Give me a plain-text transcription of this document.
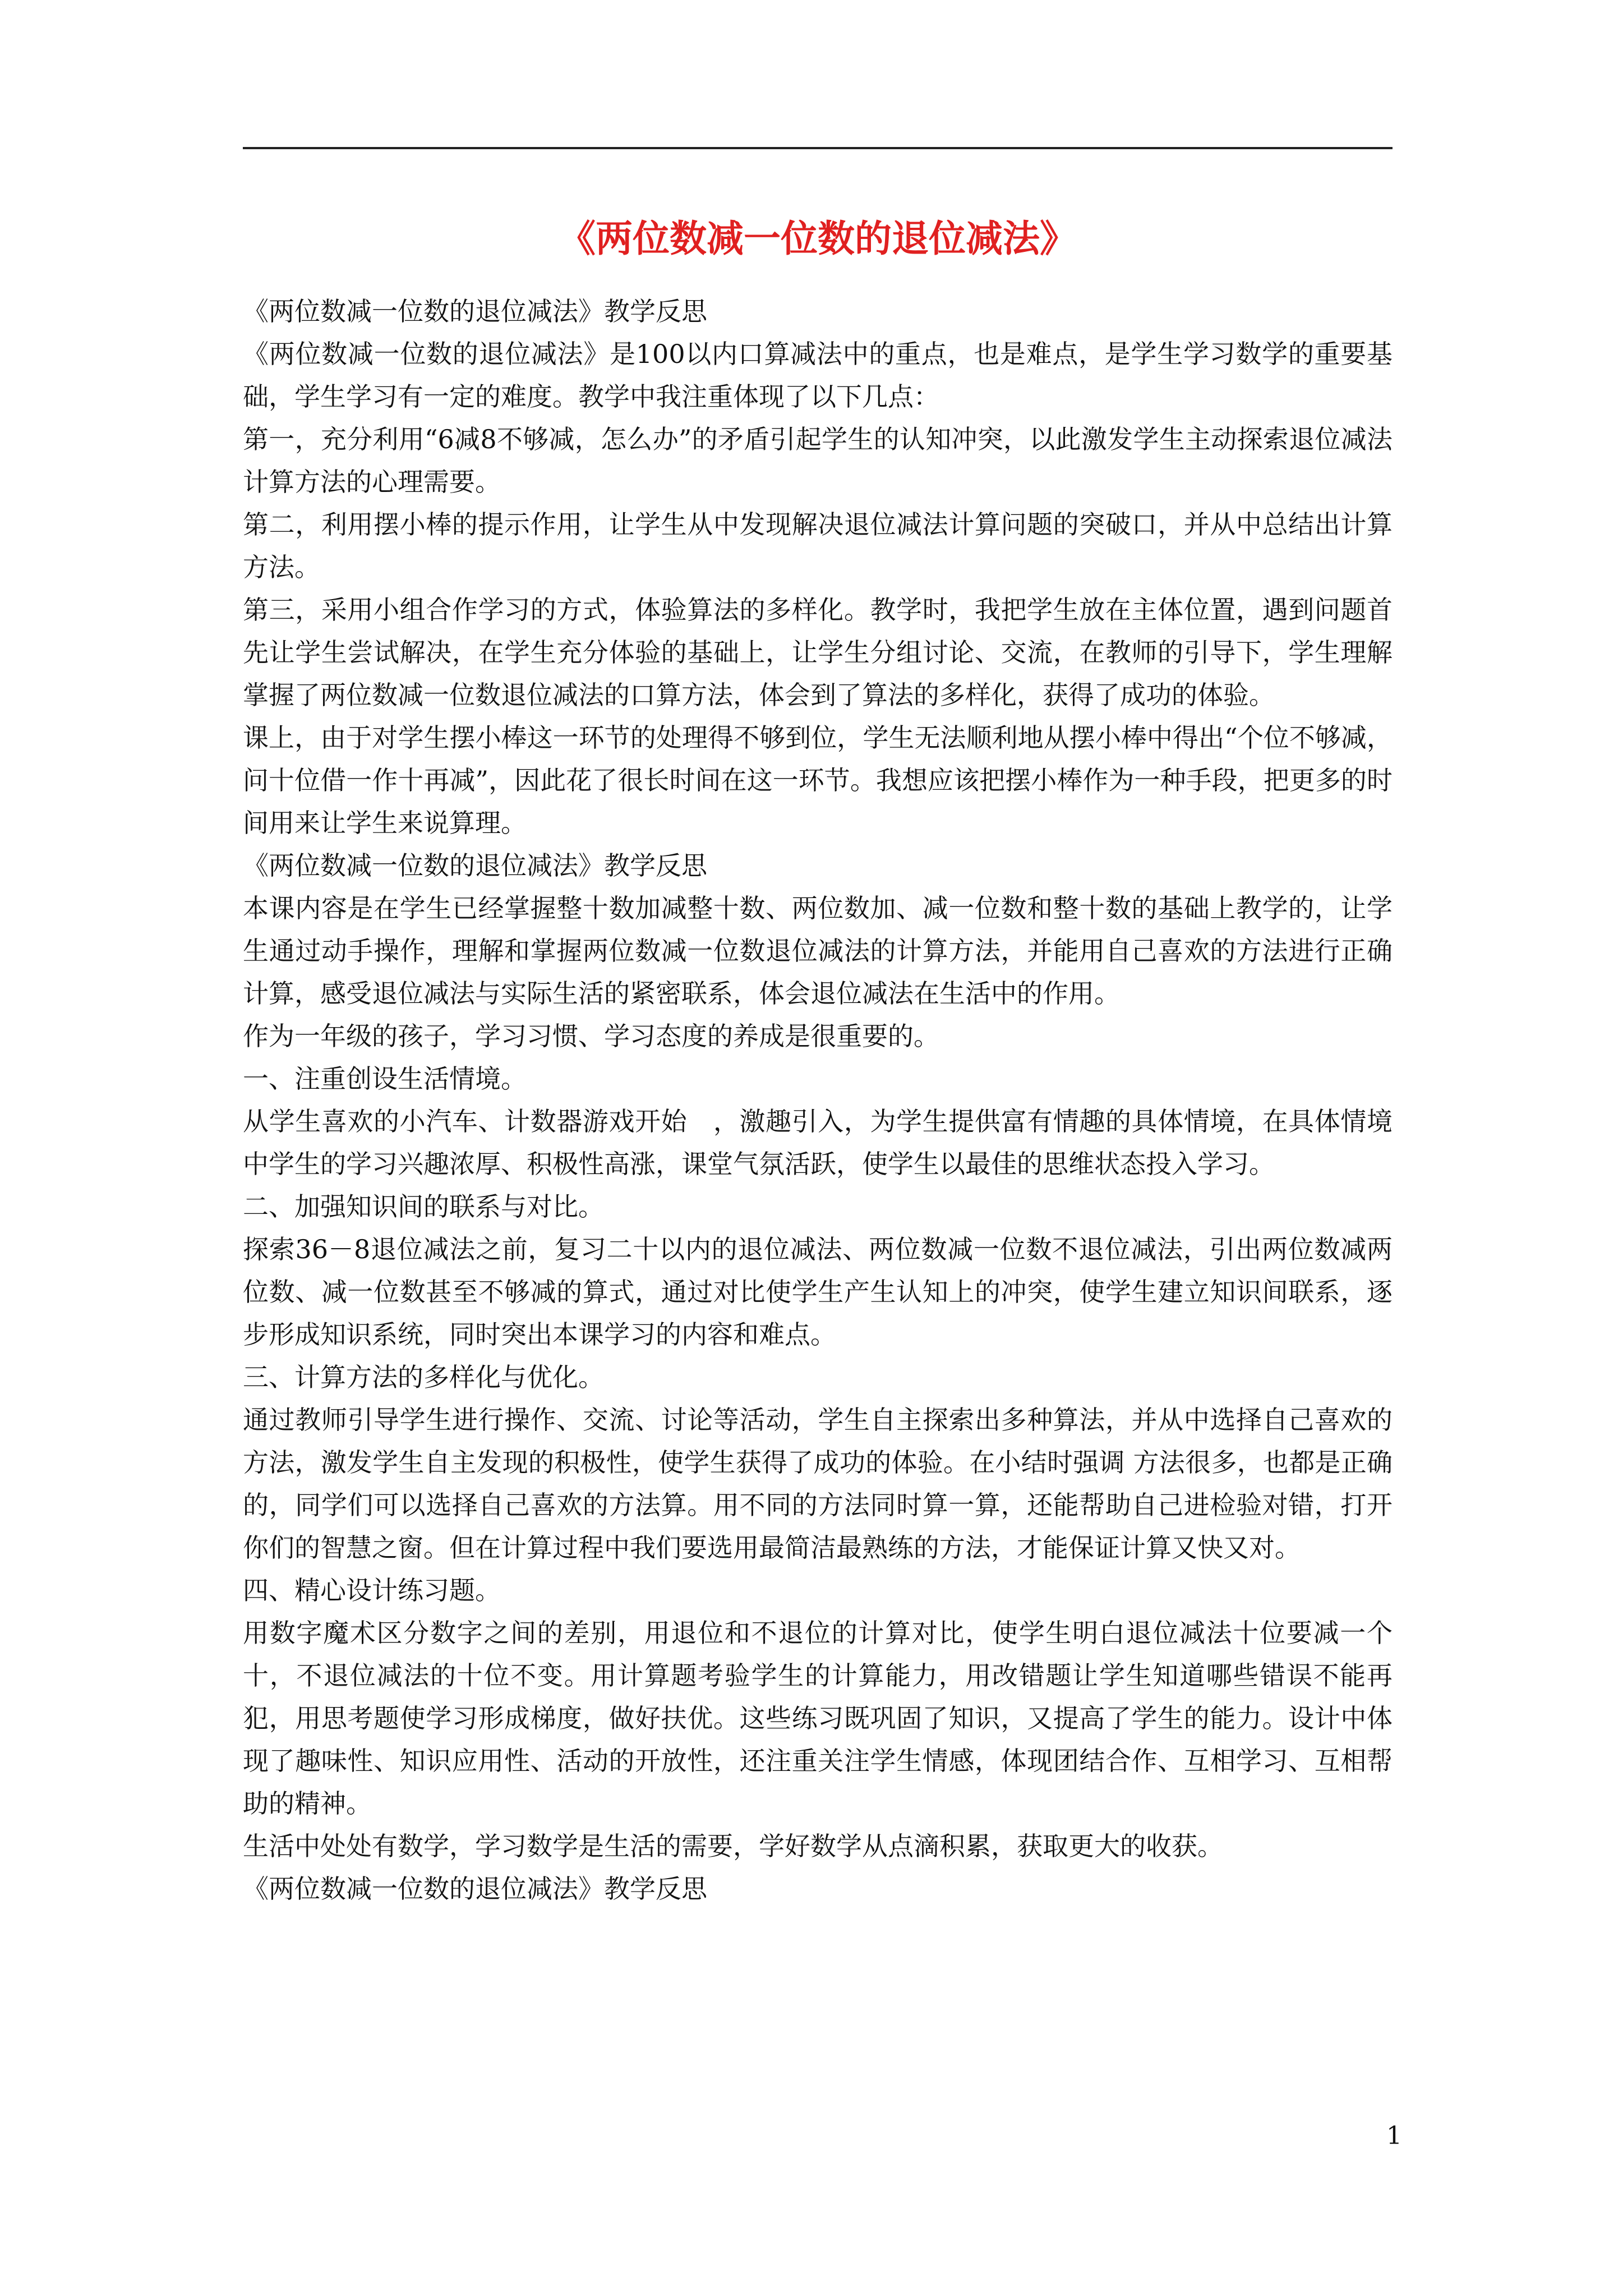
《两位数减一位数的退位减法》

《两位数减一位数的退位减法》教学反思

《两位数减一位数的退位减法》是100以内口算减法中的重点，也是难点，是学生学习数学的重要基础，学生学习有一定的难度。教学中我注重体现了以下几点：

第一，充分利用“6减8不够减，怎么办”的矛盾引起学生的认知冲突，以此激发学生主动探索退位减法计算方法的心理需要。

第二，利用摆小棒的提示作用，让学生从中发现解决退位减法计算问题的突破口，并从中总结出计算方法。

第三，采用小组合作学习的方式，体验算法的多样化。教学时，我把学生放在主体位置，遇到问题首先让学生尝试解决，在学生充分体验的基础上，让学生分组讨论、交流，在教师的引导下，学生理解掌握了两位数减一位数退位减法的口算方法，体会到了算法的多样化，获得了成功的体验。

课上，由于对学生摆小棒这一环节的处理得不够到位，学生无法顺利地从摆小棒中得出“个位不够减，问十位借一作十再减”，因此花了很长时间在这一环节。我想应该把摆小棒作为一种手段，把更多的时间用来让学生来说算理。

《两位数减一位数的退位减法》教学反思

本课内容是在学生已经掌握整十数加减整十数、两位数加、减一位数和整十数的基础上教学的，让学生通过动手操作，理解和掌握两位数减一位数退位减法的计算方法，并能用自己喜欢的方法进行正确计算，感受退位减法与实际生活的紧密联系，体会退位减法在生活中的作用。

作为一年级的孩子，学习习惯、学习态度的养成是很重要的。

一、注重创设生活情境。

从学生喜欢的小汽车、计数器游戏开始　，激趣引入，为学生提供富有情趣的具体情境，在具体情境中学生的学习兴趣浓厚、积极性高涨，课堂气氛活跃，使学生以最佳的思维状态投入学习。

二、加强知识间的联系与对比。

探索36－8退位减法之前，复习二十以内的退位减法、两位数减一位数不退位减法，引出两位数减两位数、减一位数甚至不够减的算式，通过对比使学生产生认知上的冲突，使学生建立知识间联系，逐步形成知识系统，同时突出本课学习的内容和难点。

三、计算方法的多样化与优化。

通过教师引导学生进行操作、交流、讨论等活动，学生自主探索出多种算法，并从中选择自己喜欢的方法，激发学生自主发现的积极性，使学生获得了成功的体验。在小结时强调 方法很多，也都是正确的，同学们可以选择自己喜欢的方法算。用不同的方法同时算一算，还能帮助自己进检验对错，打开你们的智慧之窗。但在计算过程中我们要选用最简洁最熟练的方法，才能保证计算又快又对。

四、精心设计练习题。

用数字魔术区分数字之间的差别，用退位和不退位的计算对比，使学生明白退位减法十位要减一个十，不退位减法的十位不变。用计算题考验学生的计算能力，用改错题让学生知道哪些错误不能再犯，用思考题使学习形成梯度，做好扶优。这些练习既巩固了知识，又提高了学生的能力。设计中体现了趣味性、知识应用性、活动的开放性，还注重关注学生情感，体现团结合作、互相学习、互相帮助的精神。

生活中处处有数学，学习数学是生活的需要，学好数学从点滴积累，获取更大的收获。

《两位数减一位数的退位减法》教学反思

1
